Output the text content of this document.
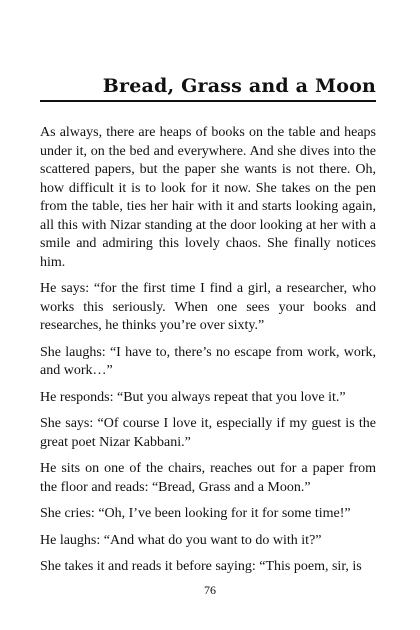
Bread, Grass and a Moon

As always, there are heaps of books on the table and heaps under it, on the bed and everywhere. And she dives into the scattered papers, but the paper she wants is not there. Oh, how difficult it is to look for it now. She takes on the pen from the table, ties her hair with it and starts looking again, all this with Nizar standing at the door looking at her with a smile and admiring this lovely chaos. She finally notices him.

He says: “for the first time I find a girl, a researcher, who works this seriously. When one sees your books and researches, he thinks you’re over sixty.”

She laughs: “I have to, there’s no escape from work, work, and work…”

He responds: “But you always repeat that you love it.”

She says: “Of course I love it, especially if my guest is the great poet Nizar Kabbani.”

He sits on one of the chairs, reaches out for a paper from the floor and reads: “Bread, Grass and a Moon.”

She cries: “Oh, I’ve been looking for it for some time!”

He laughs: “And what do you want to do with it?”

She takes it and reads it before saying: “This poem, sir, is

76
